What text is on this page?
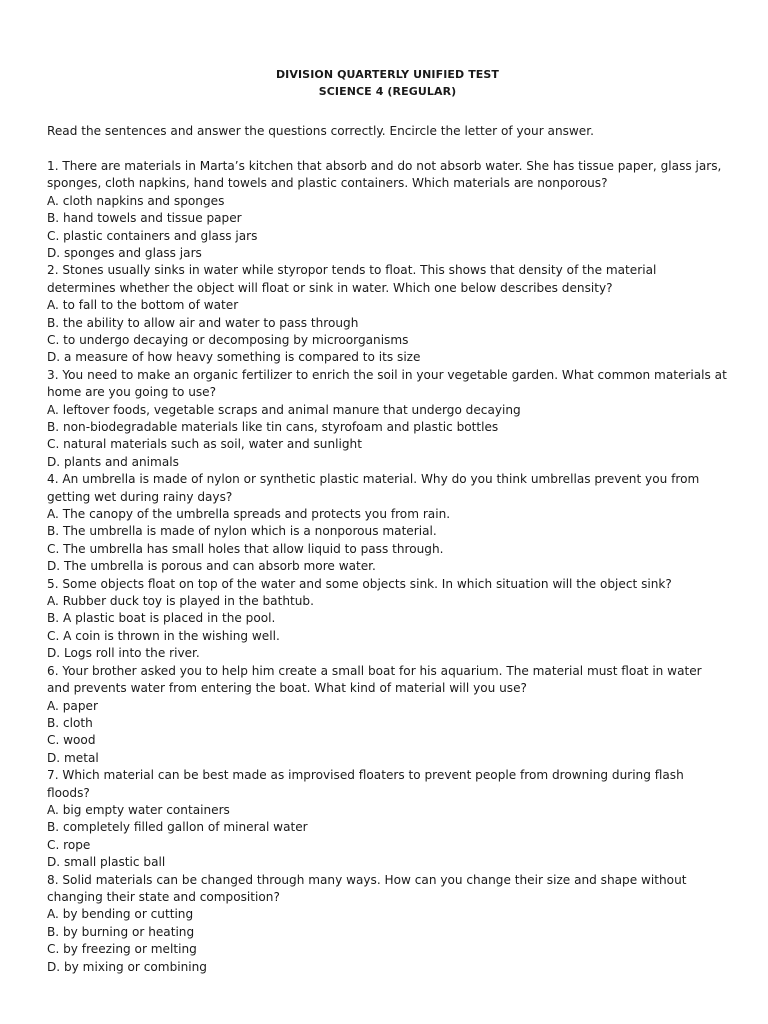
DIVISION QUARTERLY UNIFIED TEST
SCIENCE 4 (REGULAR)
Read the sentences and answer the questions correctly. Encircle the letter of your answer.

1. There are materials in Marta’s kitchen that absorb and do not absorb water. She has tissue paper, glass jars, sponges, cloth napkins, hand towels and plastic containers. Which materials are nonporous?

A. cloth napkins and sponges

B. hand towels and tissue paper

C. plastic containers and glass jars

D. sponges and glass jars

2. Stones usually sinks in water while styropor tends to float. This shows that density of the material determines whether the object will float or sink in water. Which one below describes density?

A. to fall to the bottom of water

B. the ability to allow air and water to pass through

C. to undergo decaying or decomposing by microorganisms

D. a measure of how heavy something is compared to its size

3. You need to make an organic fertilizer to enrich the soil in your vegetable garden. What common materials at home are you going to use?

A. leftover foods, vegetable scraps and animal manure that undergo decaying

B. non-biodegradable materials like tin cans, styrofoam and plastic bottles

C. natural materials such as soil, water and sunlight

D. plants and animals

4. An umbrella is made of nylon or synthetic plastic material. Why do you think umbrellas prevent you from getting wet during rainy days?

A. The canopy of the umbrella spreads and protects you from rain.

B. The umbrella is made of nylon which is a nonporous material.

C. The umbrella has small holes that allow liquid to pass through.

D. The umbrella is porous and can absorb more water.

5. Some objects float on top of the water and some objects sink. In which situation will the object sink?

A. Rubber duck toy is played in the bathtub.

B. A plastic boat is placed in the pool.

C. A coin is thrown in the wishing well.

D. Logs roll into the river.

6. Your brother asked you to help him create a small boat for his aquarium. The material must float in water and prevents water from entering the boat. What kind of material will you use?

A. paper

B. cloth

C. wood

D. metal

7. Which material can be best made as improvised floaters to prevent people from drowning during flash floods?

A. big empty water containers

B. completely filled gallon of mineral water

C. rope

D. small plastic ball

8. Solid materials can be changed through many ways. How can you change their size and shape without changing their state and composition?

A. by bending or cutting

B. by burning or heating

C. by freezing or melting

D. by mixing or combining
